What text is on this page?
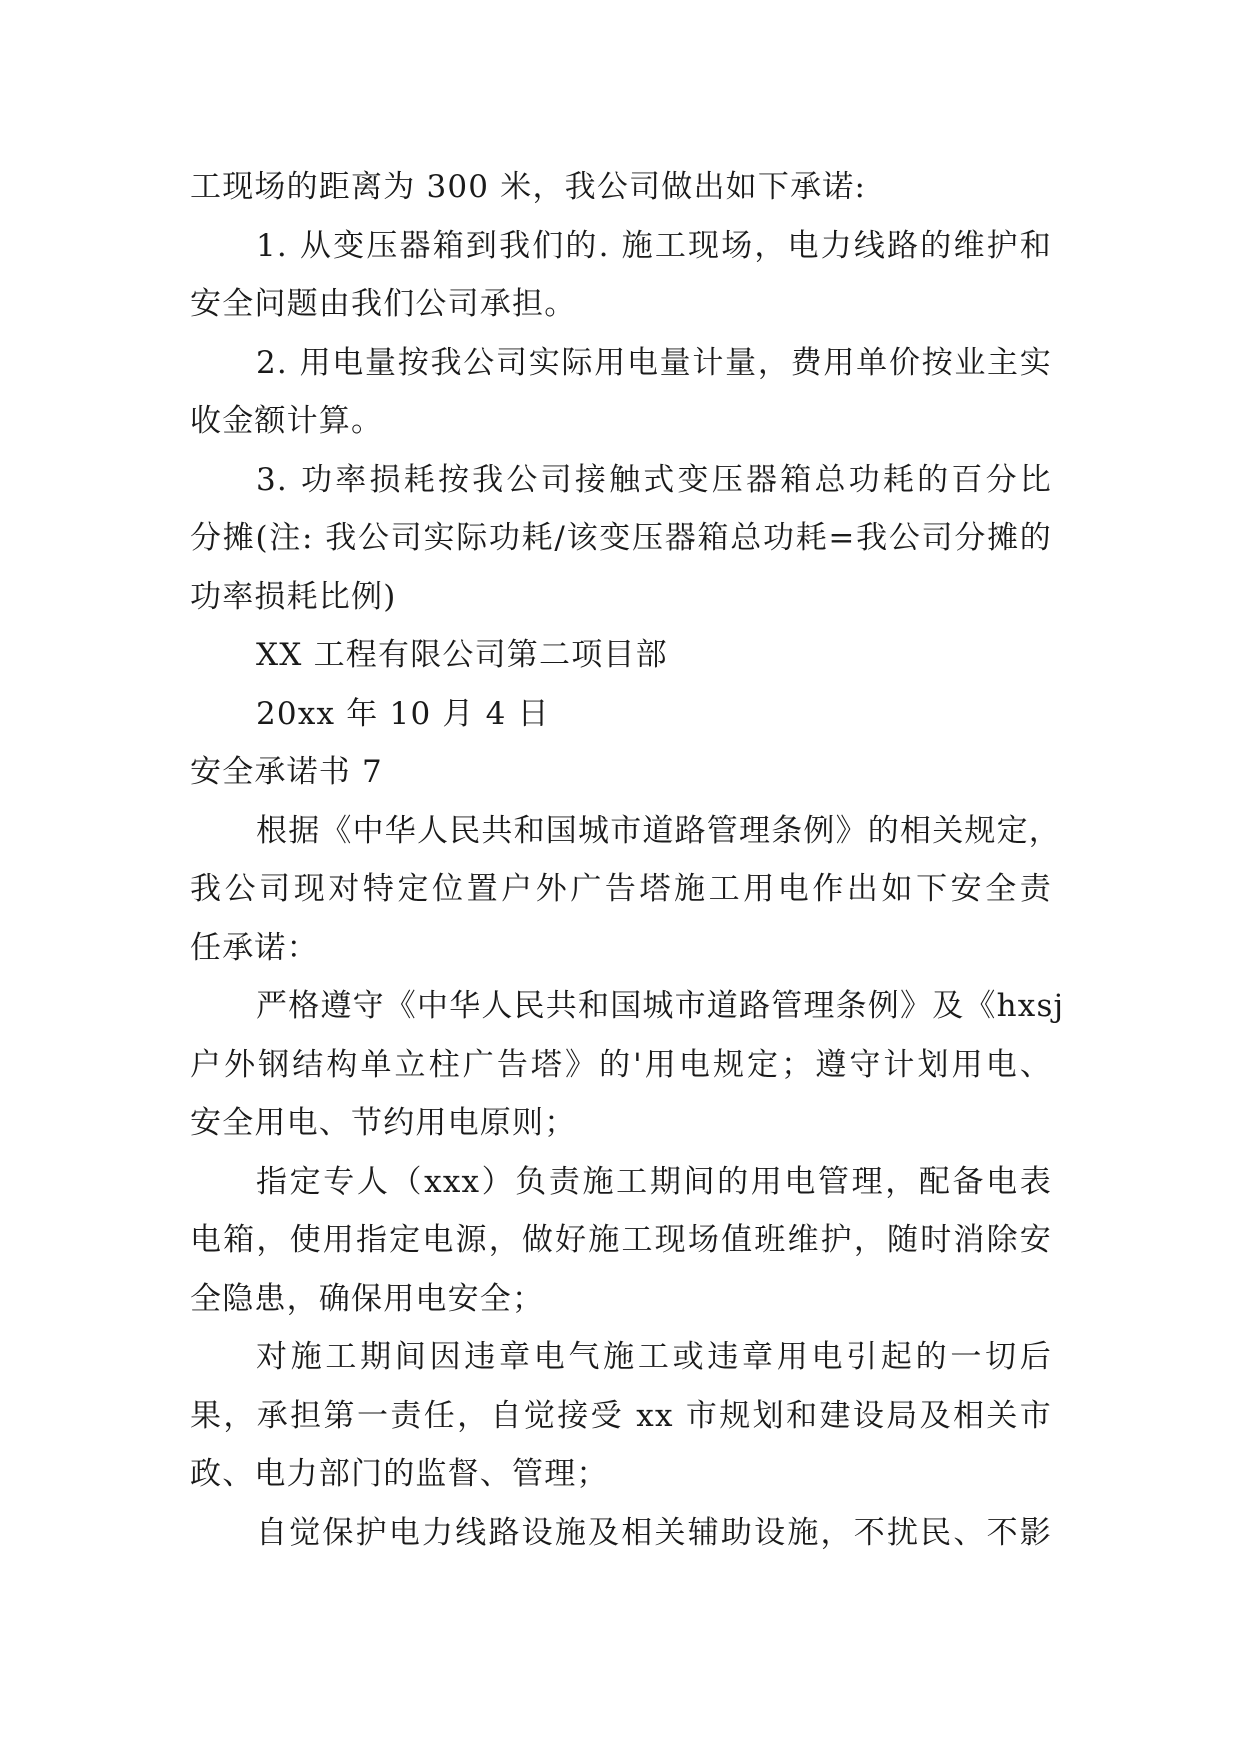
工现场的距离为 300 米，我公司做出如下承诺:
1. 从变压器箱到我们的. 施工现场，电力线路的维护和
安全问题由我们公司承担。
2. 用电量按我公司实际用电量计量，费用单价按业主实
收金额计算。
3. 功率损耗按我公司接触式变压器箱总功耗的百分比
分摊(注: 我公司实际功耗/该变压器箱总功耗=我公司分摊的
功率损耗比例)
XX 工程有限公司第二项目部
20xx 年 10 月 4 日
安全承诺书 7
根据《中华人民共和国城市道路管理条例》的相关规定，
我公司现对特定位置户外广告塔施工用电作出如下安全责
任承诺：
严格遵守《中华人民共和国城市道路管理条例》及《hxsj
户外钢结构单立柱广告塔》的'用电规定；遵守计划用电、
安全用电、节约用电原则；
指定专人（xxx）负责施工期间的用电管理，配备电表
电箱，使用指定电源，做好施工现场值班维护，随时消除安
全隐患，确保用电安全；
对施工期间因违章电气施工或违章用电引起的一切后
果，承担第一责任，自觉接受 xx 市规划和建设局及相关市
政、电力部门的监督、管理；
自觉保护电力线路设施及相关辅助设施，不扰民、不影
